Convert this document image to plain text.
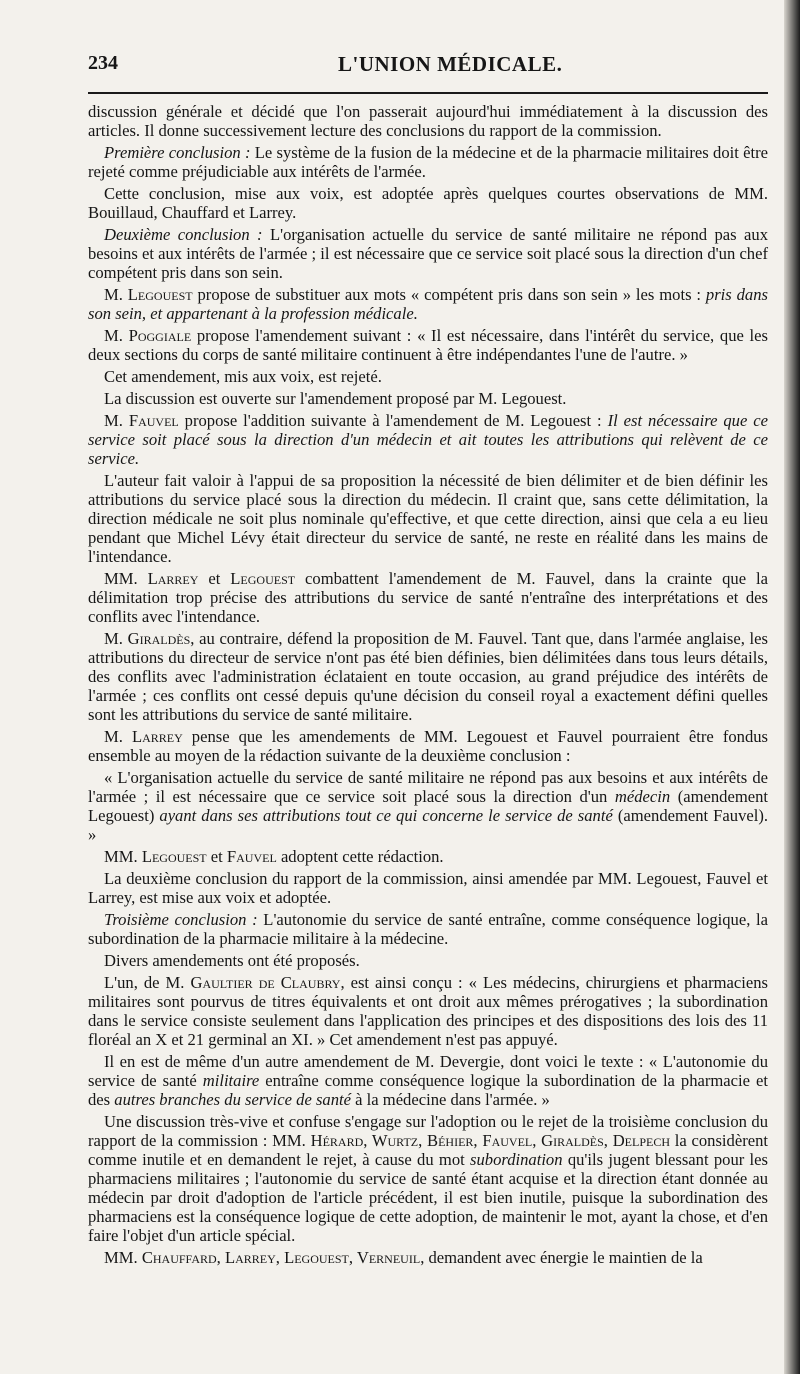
234	L'UNION MÉDICALE.

discussion générale et décidé que l'on passerait aujourd'hui immédiatement à la discussion des articles. Il donne successivement lecture des conclusions du rapport de la commission.

Première conclusion : Le système de la fusion de la médecine et de la pharmacie militaires doit être rejeté comme préjudiciable aux intérêts de l'armée.

Cette conclusion, mise aux voix, est adoptée après quelques courtes observations de MM. Bouillaud, Chauffard et Larrey.

Deuxième conclusion : L'organisation actuelle du service de santé militaire ne répond pas aux besoins et aux intérêts de l'armée ; il est nécessaire que ce service soit placé sous la direction d'un chef compétent pris dans son sein.

M. Legouest propose de substituer aux mots « compétent pris dans son sein » les mots : pris dans son sein, et appartenant à la profession médicale.

M. Poggiale propose l'amendement suivant : « Il est nécessaire, dans l'intérêt du service, que les deux sections du corps de santé militaire continuent à être indépendantes l'une de l'autre. »

Cet amendement, mis aux voix, est rejeté.

La discussion est ouverte sur l'amendement proposé par M. Legouest.

M. Fauvel propose l'addition suivante à l'amendement de M. Legouest : Il est nécessaire que ce service soit placé sous la direction d'un médecin et ait toutes les attributions qui relèvent de ce service.

L'auteur fait valoir à l'appui de sa proposition la nécessité de bien délimiter et de bien définir les attributions du service placé sous la direction du médecin. Il craint que, sans cette délimitation, la direction médicale ne soit plus nominale qu'effective, et que cette direction, ainsi que cela a eu lieu pendant que Michel Lévy était directeur du service de santé, ne reste en réalité dans les mains de l'intendance.

MM. Larrey et Legouest combattent l'amendement de M. Fauvel, dans la crainte que la délimitation trop précise des attributions du service de santé n'entraîne des interprétations et des conflits avec l'intendance.

M. Giraldès, au contraire, défend la proposition de M. Fauvel. Tant que, dans l'armée anglaise, les attributions du directeur de service n'ont pas été bien définies, bien délimitées dans tous leurs détails, des conflits avec l'administration éclataient en toute occasion, au grand préjudice des intérêts de l'armée ; ces conflits ont cessé depuis qu'une décision du conseil royal a exactement défini quelles sont les attributions du service de santé militaire.

M. Larrey pense que les amendements de MM. Legouest et Fauvel pourraient être fondus ensemble au moyen de la rédaction suivante de la deuxième conclusion :

« L'organisation actuelle du service de santé militaire ne répond pas aux besoins et aux intérêts de l'armée ; il est nécessaire que ce service soit placé sous la direction d'un médecin (amendement Legouest) ayant dans ses attributions tout ce qui concerne le service de santé (amendement Fauvel). »

MM. Legouest et Fauvel adoptent cette rédaction.

La deuxième conclusion du rapport de la commission, ainsi amendée par MM. Legouest, Fauvel et Larrey, est mise aux voix et adoptée.

Troisième conclusion : L'autonomie du service de santé entraîne, comme conséquence logique, la subordination de la pharmacie militaire à la médecine.

Divers amendements ont été proposés.

L'un, de M. Gaultier de Claubry, est ainsi conçu : « Les médecins, chirurgiens et pharmaciens militaires sont pourvus de titres équivalents et ont droit aux mêmes prérogatives ; la subordination dans le service consiste seulement dans l'application des principes et des dispositions des lois des 11 floréal an X et 21 germinal an XI. » Cet amendement n'est pas appuyé.

Il en est de même d'un autre amendement de M. Devergie, dont voici le texte : « L'autonomie du service de santé militaire entraîne comme conséquence logique la subordination de la pharmacie et des autres branches du service de santé à la médecine dans l'armée. »

Une discussion très-vive et confuse s'engage sur l'adoption ou le rejet de la troisième conclusion du rapport de la commission : MM. Hérard, Wurtz, Béhier, Fauvel, Giraldès, Delpech la considèrent comme inutile et en demandent le rejet, à cause du mot subordination qu'ils jugent blessant pour les pharmaciens militaires ; l'autonomie du service de santé étant acquise et la direction étant donnée au médecin par droit d'adoption de l'article précédent, il est bien inutile, puisque la subordination des pharmaciens est la conséquence logique de cette adoption, de maintenir le mot, ayant la chose, et d'en faire l'objet d'un article spécial.

MM. Chauffard, Larrey, Legouest, Verneuil, demandent avec énergie le maintien de la
